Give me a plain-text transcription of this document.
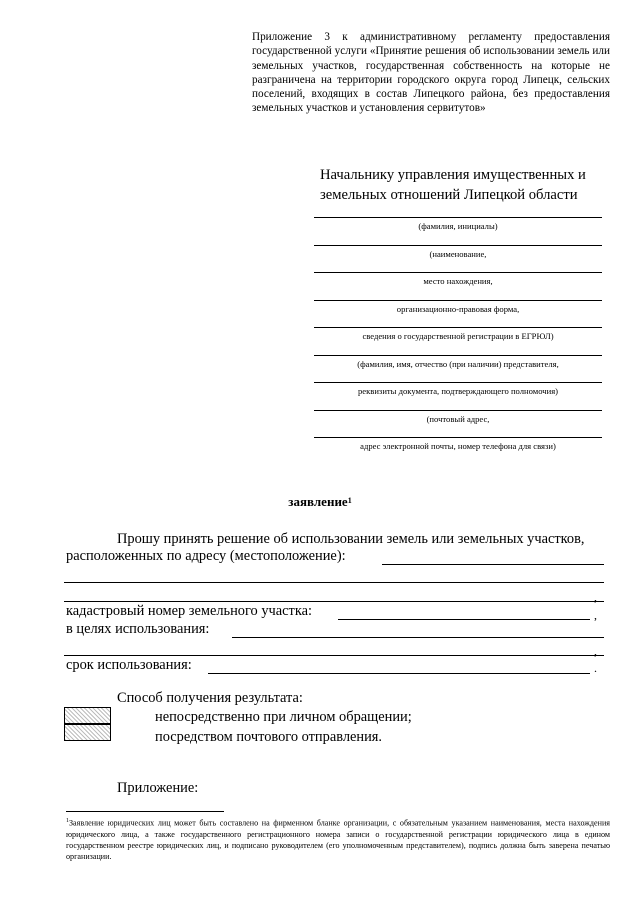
Приложение 3 к административному регламенту предоставления государственной услуги «Принятие решения об использовании земель или земельных участков, государственная собственность на которые не разграничена на территории городского округа город Липецк, сельских поселений, входящих в состав Липецкого района, без предоставления земельных участков и установления сервитутов»
Начальнику управления имущественных и земельных отношений Липецкой области
(фамилия, инициалы)
(наименование,
место нахождения,
организационно-правовая форма,
сведения о государственной регистрации в ЕГРЮЛ)
(фамилия, имя, отчество (при наличии) представителя,
реквизиты документа, подтверждающего полномочия)
(почтовый адрес,
адрес электронной почты, номер телефона для связи)
заявление$^1$
Прошу принять решение об использовании земель или земельных участков,
расположенных по адресу (местоположение):
,
кадастровый номер земельного участка:	,
в целях использования:
,
срок использования:	.
Способ получения результата:
непосредственно при личном обращении;
посредством почтового отправления.
Приложение:
$^1$Заявление юридических лиц может быть составлено на фирменном бланке организации, с обязательным указанием наименования, места нахождения юридического лица, а также государственного регистрационного номера записи о государственной регистрации юридического лица в едином государственном реестре юридических лиц, и подписано руководителем (его уполномоченным представителем), подпись должна быть заверена печатью организации.
